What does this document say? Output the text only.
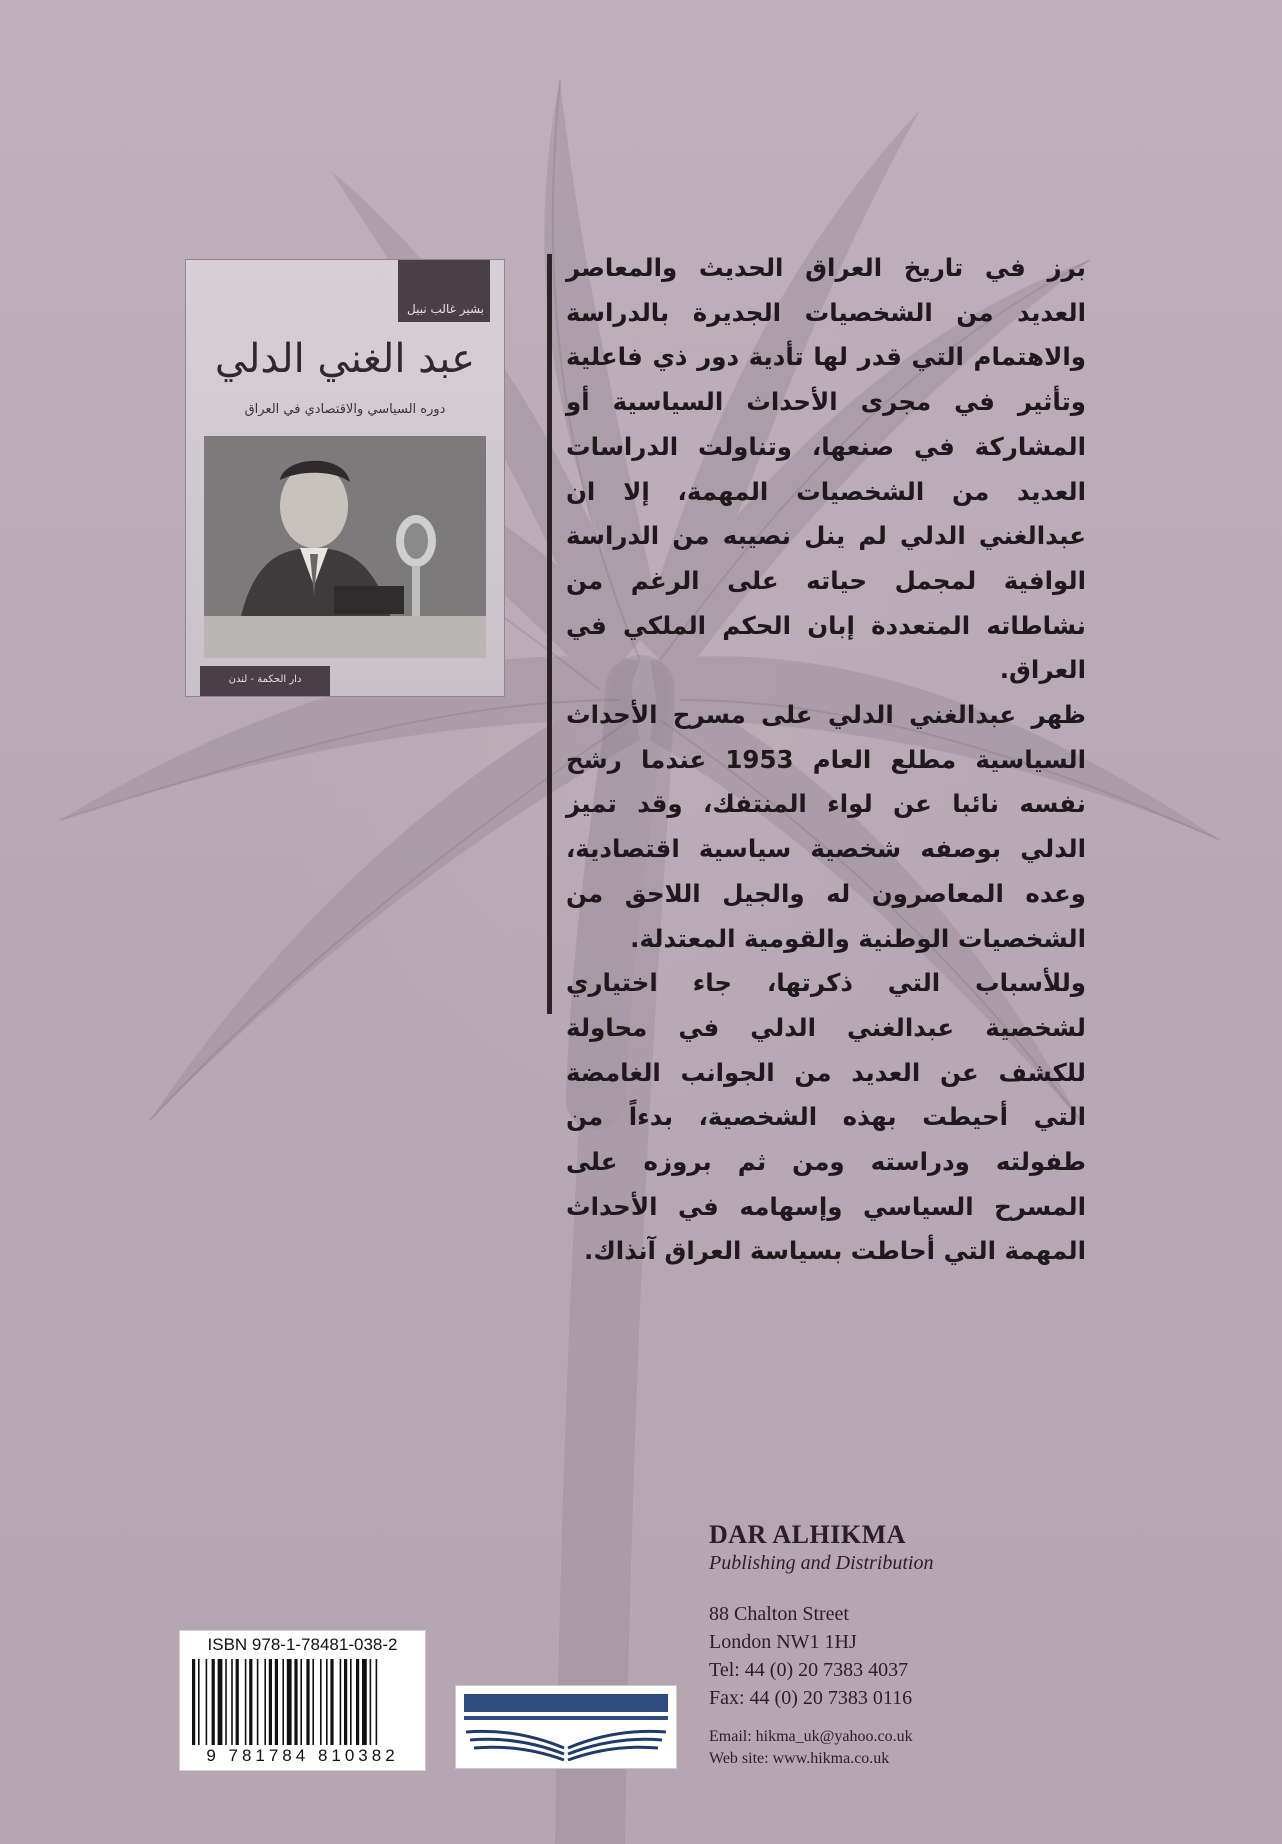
بشير غالب نبيل
عبد الغني الدلي
دوره السياسي والاقتصادي في العراق
دار الحكمة - لندن

برز في تاريخ العراق الحديث والمعاصر العديد من الشخصيات الجديرة بالدراسة والاهتمام التي قدر لها تأدية دور ذي فاعلية وتأثير في مجرى الأحداث السياسية أو المشاركة في صنعها، وتناولت الدراسات العديد من الشخصيات المهمة، إلا ان عبدالغني الدلي لم ينل نصيبه من الدراسة الوافية لمجمل حياته على الرغم من نشاطاته المتعددة إبان الحكم الملكي في العراق.

ظهر عبدالغني الدلي على مسرح الأحداث السياسية مطلع العام 1953 عندما رشح نفسه نائبا عن لواء المنتفك، وقد تميز الدلي بوصفه شخصية سياسية اقتصادية، وعده المعاصرون له والجيل اللاحق من الشخصيات الوطنية والقومية المعتدلة.

وللأسباب التي ذكرتها، جاء اختياري لشخصية عبدالغني الدلي في محاولة للكشف عن العديد من الجوانب الغامضة التي أحيطت بهذه الشخصية، بدءاً من طفولته ودراسته ومن ثم بروزه على المسرح السياسي وإسهامه في الأحداث المهمة التي أحاطت بسياسة العراق آنذاك.

DAR ALHIKMA
Publishing and Distribution
88 Chalton Street
London NW1 1HJ
Tel: 44 (0) 20 7383 4037
Fax: 44 (0) 20 7383 0116
Email: hikma_uk@yahoo.co.uk
Web site: www.hikma.co.uk
ISBN 978-1-78481-038-2
9 781784 810382
